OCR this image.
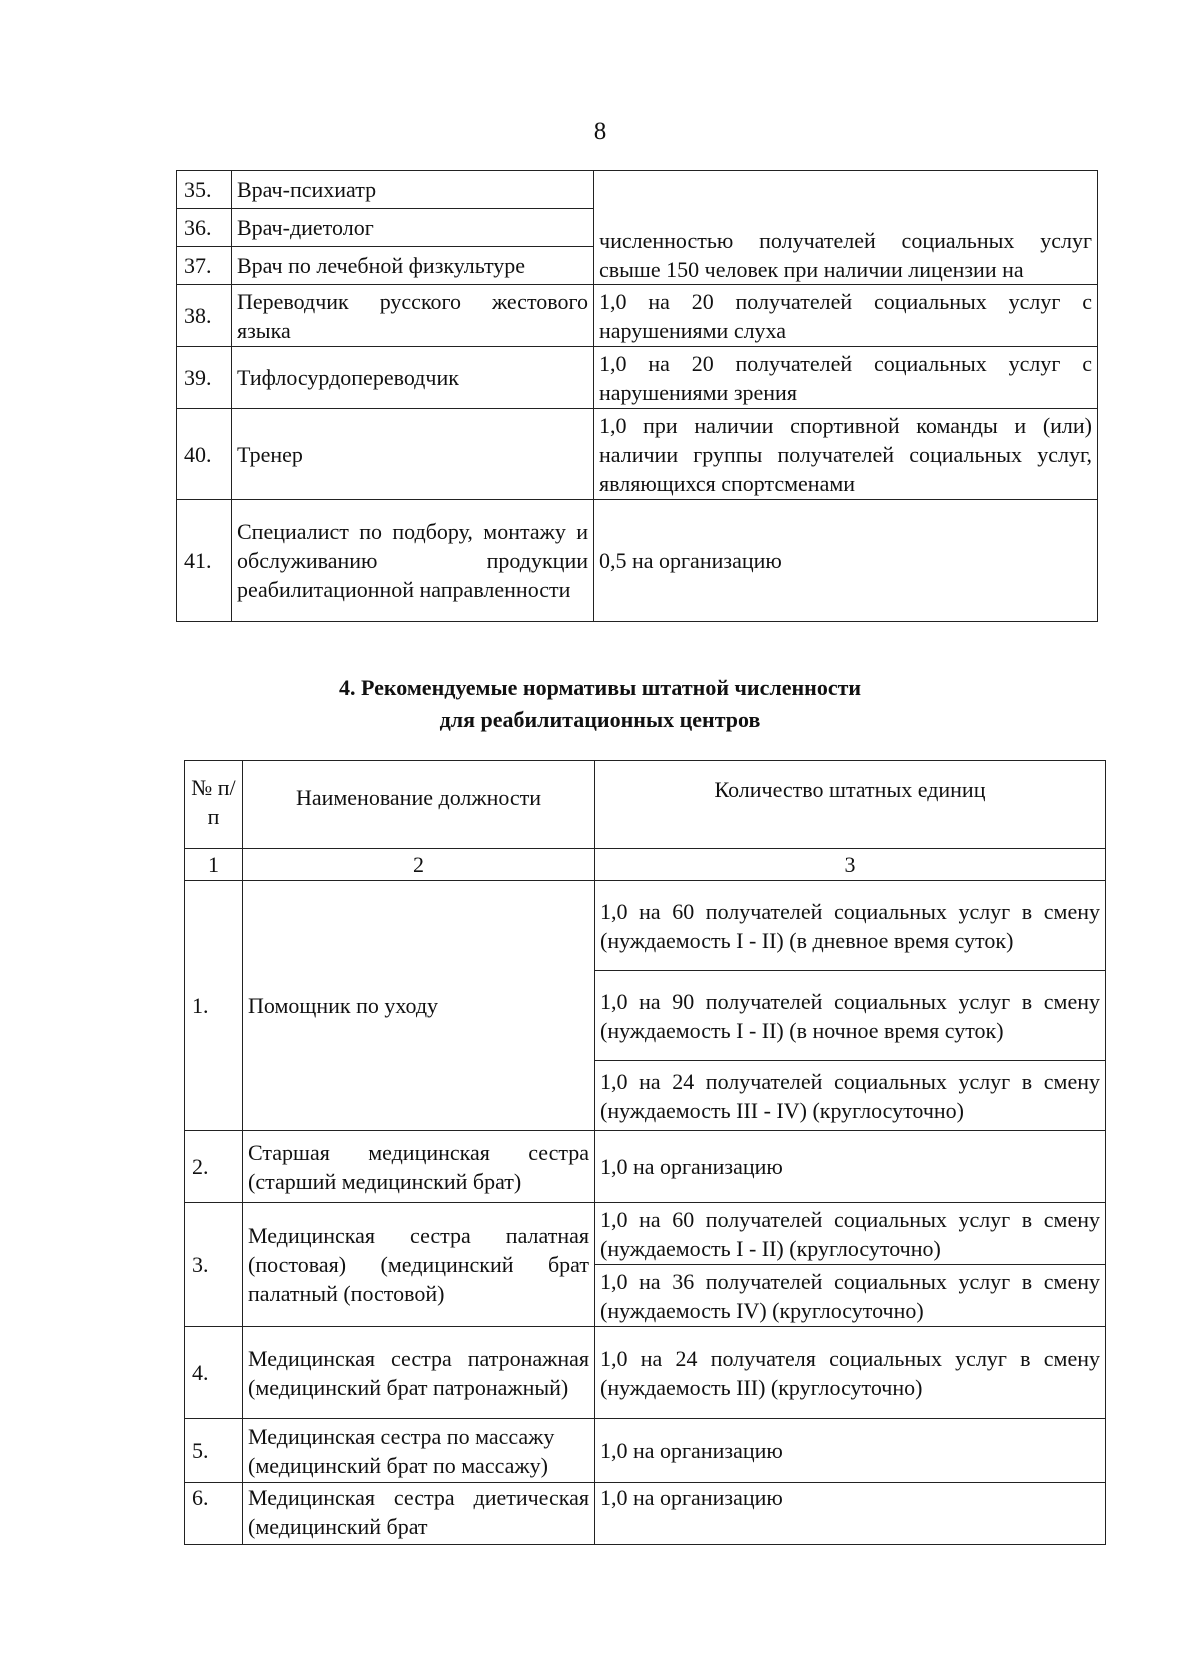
8
35.	Врач-психиатр	численностью получателей социальных услуг свыше 150 человек при наличии лицензии на
36.	Врач-диетолог	
37.	Врач по лечебной физкультуре	
38.	Переводчик русского жестового языка	1,0 на 20 получателей социальных услуг с нарушениями слуха
39.	Тифлосурдопереводчик	1,0 на 20 получателей социальных услуг с нарушениями зрения
40.	Тренер	1,0 при наличии спортивной команды и (или) наличии группы получателей социальных услуг, являющихся спортсменами
41.	Специалист по подбору, монтажу и обслуживанию продукции реабилитационной направленности	0,5 на организацию
4. Рекомендуемые нормативы штатной численности
для реабилитационных центров
№ п/п	Наименование должности	Количество штатных единиц
1	2	3
1.	Помощник по уходу	1,0 на 60 получателей социальных услуг в смену (нуждаемость I - II) (в дневное время суток)
		1,0 на 90 получателей социальных услуг в смену (нуждаемость I - II) (в ночное время суток)
		1,0 на 24 получателей социальных услуг в смену (нуждаемость III - IV) (круглосуточно)
2.	Старшая медицинская сестра (старший медицинский брат)	1,0 на организацию
3.	Медицинская сестра палатная (постовая) (медицинский брат палатный (постовой)	1,0 на 60 получателей социальных услуг в смену (нуждаемость I - II) (круглосуточно)
		1,0 на 36 получателей социальных услуг в смену (нуждаемость IV) (круглосуточно)
4.	Медицинская сестра патронажная (медицинский брат патронажный)	1,0 на 24 получателя социальных услуг в смену (нуждаемость III) (круглосуточно)
5.	Медицинская сестра по массажу (медицинский брат по массажу)	1,0 на организацию
6.	Медицинская сестра диетическая (медицинский брат	1,0 на организацию
